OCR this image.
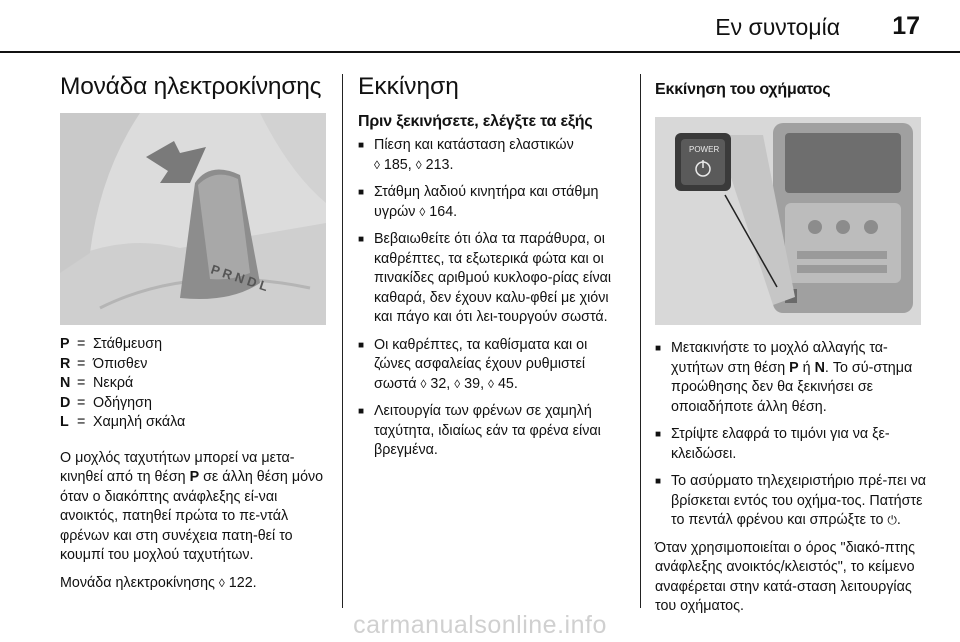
Εν συντομία 17
Μονάδα ηλεκτροκίνησης
P R N D L
P = Στάθμευση
R = Όπισθεν
N = Νεκρά
D = Οδήγηση
L = Χαμηλή σκάλα

Ο μοχλός ταχυτήτων μπορεί να μετα-κινηθεί από τη θέση P σε άλλη θέση μόνο όταν ο διακόπτης ανάφλεξης εί-ναι ανοικτός, πατηθεί πρώτα το πε-ντάλ φρένων και στη συνέχεια πατη-θεί το κουμπί του μοχλού ταχυτήτων.

Μονάδα ηλεκτροκίνησης ◊ 122.

Εκκίνηση
Πριν ξεκινήσετε, ελέγξτε τα εξής
■ Πίεση και κατάσταση ελαστικών
◊ 185, ◊ 213.
■ Στάθμη λαδιού κινητήρα και στάθμη υγρών ◊ 164.
■ Βεβαιωθείτε ότι όλα τα παράθυρα, οι καθρέπτες, τα εξωτερικά φώτα και οι πινακίδες αριθμού κυκλοφο-ρίας είναι καθαρά, δεν έχουν καλυ-φθεί με χιόνι και πάγο και ότι λει-τουργούν σωστά.
■ Οι καθρέπτες, τα καθίσματα και οι ζώνες ασφαλείας έχουν ρυθμιστεί σωστά ◊ 32, ◊ 39, ◊ 45.
■ Λειτουργία των φρένων σε χαμηλή ταχύτητα, ιδιαίως εάν τα φρένα είναι βρεγμένα.
Εκκίνηση του οχήματος
POWER
■ Μετακινήστε το μοχλό αλλαγής τα-χυτήτων στη θέση P ή N. Το σύ-στημα προώθησης δεν θα ξεκινήσει σε οποιαδήποτε άλλη θέση.
■ Στρίψτε ελαφρά το τιμόνι για να ξε-κλειδώσει.
■ Το ασύρματο τηλεχειριστήριο πρέ-πει να βρίσκεται εντός του οχήμα-τος. Πατήστε το πεντάλ φρένου και σπρώξτε το ⏻.

Όταν χρησιμοποιείται ο όρος "διακό-πτης ανάφλεξης ανοικτός/κλειστός", το κείμενο αναφέρεται στην κατά-σταση λειτουργίας του οχήματος.

carmanualsonline.info
